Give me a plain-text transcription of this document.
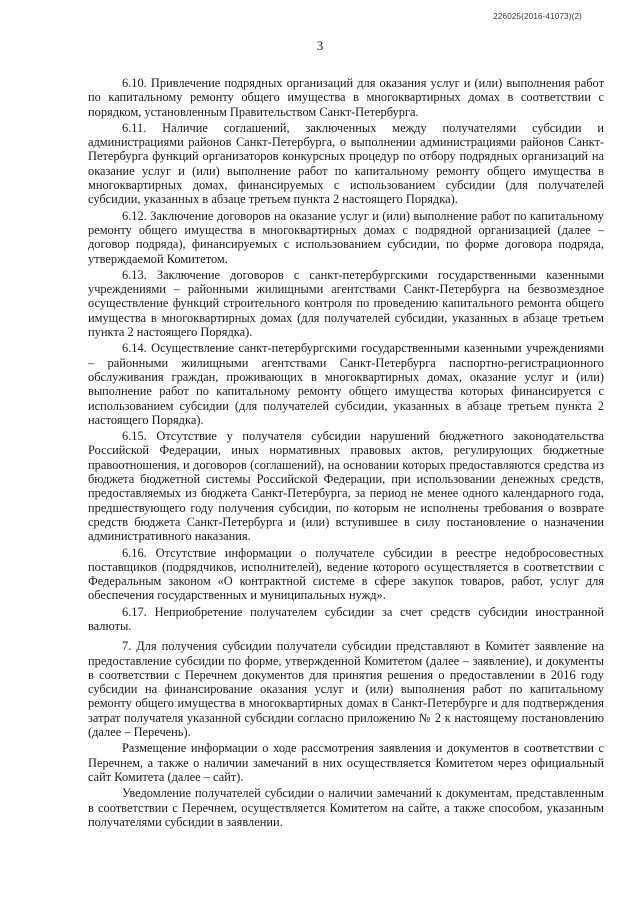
226025(2016-41073)(2)
3

6.10. Привлечение подрядных организаций для оказания услуг и (или) выполнения работ по капитальному ремонту общего имущества в многоквартирных домах в соответствии с порядком, установленным Правительством Санкт-Петербурга.

6.11. Наличие соглашений, заключенных между получателями субсидии и администрациями районов Санкт-Петербурга, о выполнении администрациями районов Санкт-Петербурга функций организаторов конкурсных процедур по отбору подрядных организаций на оказание услуг и (или) выполнение работ по капитальному ремонту общего имущества в многоквартирных домах, финансируемых с использованием субсидии (для получателей субсидии, указанных в абзаце третьем пункта 2 настоящего Порядка).

6.12. Заключение договоров на оказание услуг и (или) выполнение работ по капитальному ремонту общего имущества в многоквартирных домах с подрядной организацией (далее – договор подряда), финансируемых с использованием субсидии, по форме договора подряда, утверждаемой Комитетом.

6.13. Заключение договоров с санкт-петербургскими государственными казенными учреждениями – районными жилищными агентствами Санкт-Петербурга на безвозмездное осуществление функций строительного контроля по проведению капитального ремонта общего имущества в многоквартирных домах (для получателей субсидии, указанных в абзаце третьем пункта 2 настоящего Порядка).

6.14. Осуществление санкт-петербургскими государственными казенными учреждениями – районными жилищными агентствами Санкт-Петербурга паспортно-регистрационного обслуживания граждан, проживающих в многоквартирных домах, оказание услуг и (или) выполнение работ по капитальному ремонту общего имущества которых финансируется с использованием субсидии (для получателей субсидии, указанных в абзаце третьем пункта 2 настоящего Порядка).

6.15. Отсутствие у получателя субсидии нарушений бюджетного законодательства Российской Федерации, иных нормативных правовых актов, регулирующих бюджетные правоотношения, и договоров (соглашений), на основании которых предоставляются средства из бюджета бюджетной системы Российской Федерации, при использовании денежных средств, предоставляемых из бюджета Санкт-Петербурга, за период не менее одного календарного года, предшествующего году получения субсидии, по которым не исполнены требования о возврате средств бюджета Санкт-Петербурга и (или) вступившее в силу постановление о назначении административного наказания.

6.16. Отсутствие информации о получателе субсидии в реестре недобросовестных поставщиков (подрядчиков, исполнителей), ведение которого осуществляется в соответствии с Федеральным законом «О контрактной системе в сфере закупок товаров, работ, услуг для обеспечения государственных и муниципальных нужд».

6.17. Неприобретение получателем субсидии за счет средств субсидии иностранной валюты.

7. Для получения субсидии получатели субсидии представляют в Комитет заявление на предоставление субсидии по форме, утвержденной Комитетом (далее – заявление), и документы в соответствии с Перечнем документов для принятия решения о предоставлении в 2016 году субсидии на финансирование оказания услуг и (или) выполнения работ по капитальному ремонту общего имущества в многоквартирных домах в Санкт-Петербурге и для подтверждения затрат получателя указанной субсидии согласно приложению № 2 к настоящему постановлению (далее – Перечень).

Размещение информации о ходе рассмотрения заявления и документов в соответствии с Перечнем, а также о наличии замечаний в них осуществляется Комитетом через официальный сайт Комитета (далее – сайт).

Уведомление получателей субсидии о наличии замечаний к документам, представленным в соответствии с Перечнем, осуществляется Комитетом на сайте, а также способом, указанным получателями субсидии в заявлении.
